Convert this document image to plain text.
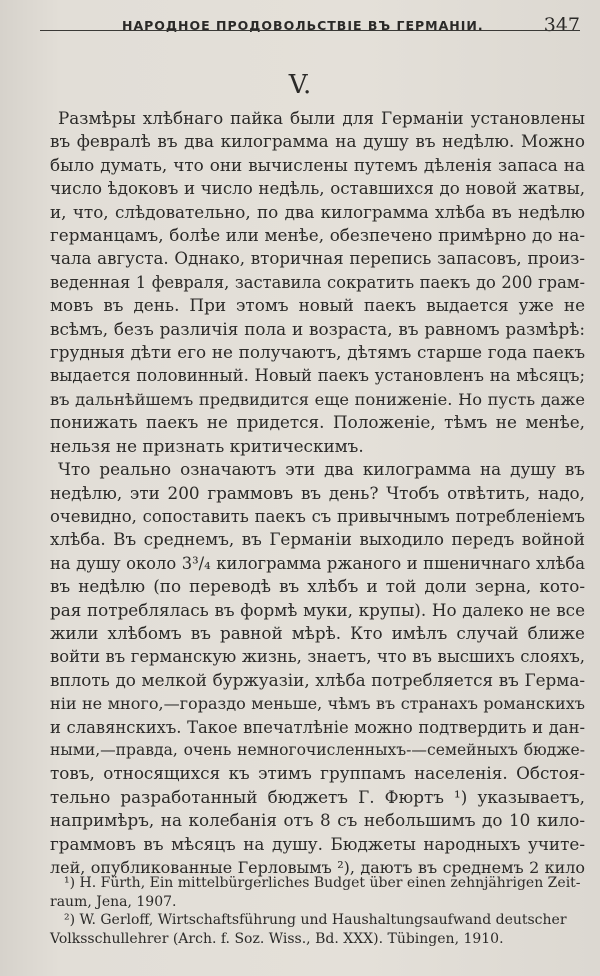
НАРОДНОЕ ПРОДОВОЛЬСТВІЕ ВЪ ГЕРМАНІИ.	347
V.
Размѣры хлѣбнаго пайка были для Германіи установлены
въ февралѣ въ два килограмма на душу въ недѣлю. Можно
было думать, что они вычислены путемъ дѣленія запаса на
число ѣдоковъ и число недѣль, оставшихся до новой жатвы,
и, что, слѣдовательно, по два килограмма хлѣба въ недѣлю
германцамъ, болѣе или менѣе, обезпечено примѣрно до на-
чала августа. Однако, вторичная перепись запасовъ, произ-
веденная 1 февраля, заставила сократить паекъ до 200 грам-
мовъ въ день. При этомъ новый паекъ выдается уже не
всѣмъ, безъ различія пола и возраста, въ равномъ размѣрѣ:
грудныя дѣти его не получаютъ, дѣтямъ старше года паекъ
выдается половинный. Новый паекъ установленъ на мѣсяцъ;
въ дальнѣйшемъ предвидится еще пониженіе. Но пусть даже
понижать паекъ не придется. Положеніе, тѣмъ не менѣе,
нельзя не признать критическимъ.
Что реально означаютъ эти два килограмма на душу въ
недѣлю, эти 200 граммовъ въ день? Чтобъ отвѣтить, надо,
очевидно, сопоставить паекъ съ привычнымъ потребленіемъ
хлѣба. Въ среднемъ, въ Германіи выходило передъ войной
на душу около 3³/₄ килограмма ржаного и пшеничнаго хлѣба
въ недѣлю (по переводѣ въ хлѣбъ и той доли зерна, кото-
рая потреблялась въ формѣ муки, крупы). Но далеко не все
жили хлѣбомъ въ равной мѣрѣ. Кто имѣлъ случай ближе
войти въ германскую жизнь, знаетъ, что въ высшихъ слояхъ,
вплоть до мелкой буржуазіи, хлѣба потребляется въ Герма-
ніи не много,—гораздо меньше, чѣмъ въ странахъ романскихъ
и славянскихъ. Такое впечатлѣніе можно подтвердить и дан-
ными,—правда, очень немногочисленныхъ-—семейныхъ бюдже-
товъ, относящихся къ этимъ группамъ населенія. Обстоя-
тельно разработанный бюджетъ Г. Фюртъ ¹) указываетъ,
напримѣръ, на колебанія отъ 8 съ небольшимъ до 10 кило-
граммовъ въ мѣсяцъ на душу. Бюджеты народныхъ учите-
лей, опубликованные Герловымъ ²), даютъ въ среднемъ 2 кило
¹) H. Fürth, Ein mittelbürgerliches Budget über einen zehnjährigen Zeit-
raum, Jena, 1907.
²) W. Gerloff, Wirtschaftsführung und Haushaltungsaufwand deutscher
Volksschullehrer (Arch. f. Soz. Wiss., Bd. XXX). Tübingen, 1910.
